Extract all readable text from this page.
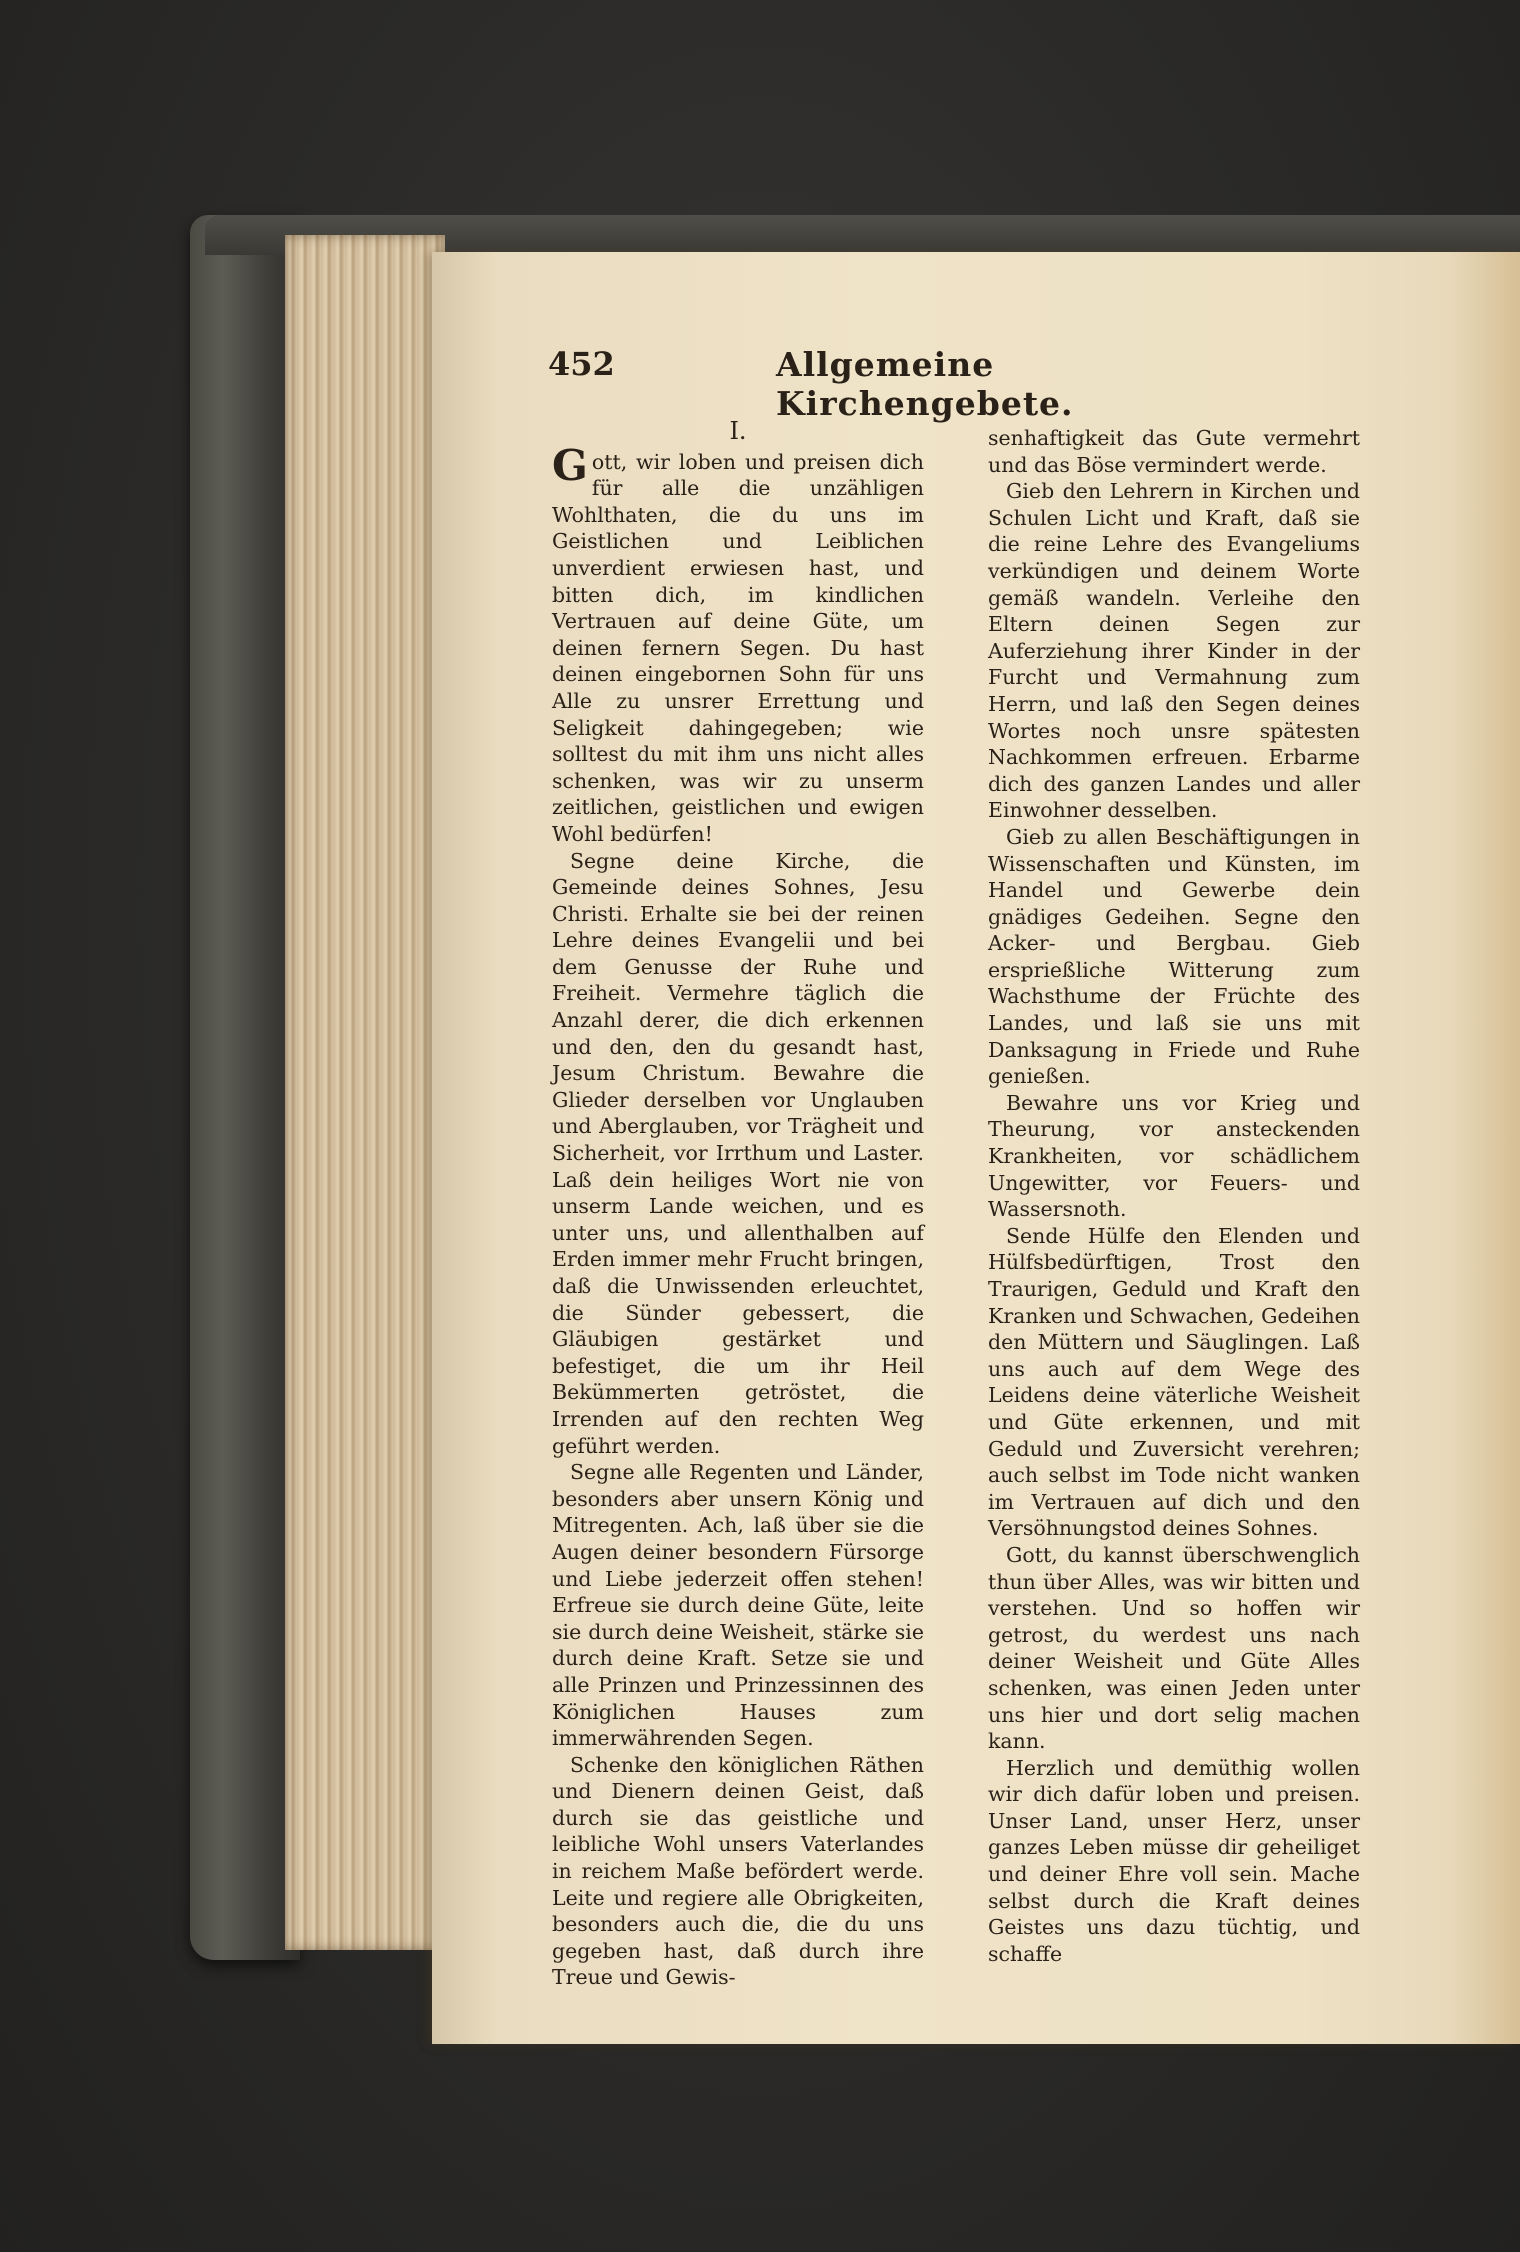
452	Allgemeine Kirchengebete.
I.

Gott, wir loben und preisen dich für alle die unzähligen Wohlthaten, die du uns im Geistlichen und Leiblichen unverdient erwiesen hast, und bitten dich, im kindlichen Vertrauen auf deine Güte, um deinen fernern Segen. Du hast deinen eingebornen Sohn für uns Alle zu unsrer Errettung und Seligkeit dahingegeben; wie solltest du mit ihm uns nicht alles schenken, was wir zu unserm zeitlichen, geistlichen und ewigen Wohl bedürfen!

Segne deine Kirche, die Gemeinde deines Sohnes, Jesu Christi. Erhalte sie bei der reinen Lehre deines Evangelii und bei dem Genusse der Ruhe und Freiheit. Vermehre täglich die Anzahl derer, die dich erkennen und den, den du gesandt hast, Jesum Christum. Bewahre die Glieder derselben vor Unglauben und Aberglauben, vor Trägheit und Sicherheit, vor Irrthum und Laster. Laß dein heiliges Wort nie von unserm Lande weichen, und es unter uns, und allenthalben auf Erden immer mehr Frucht bringen, daß die Unwissenden erleuchtet, die Sünder gebessert, die Gläubigen gestärket und befestiget, die um ihr Heil Bekümmerten getröstet, die Irrenden auf den rechten Weg geführt werden.

Segne alle Regenten und Länder, besonders aber unsern König und Mitregenten. Ach, laß über sie die Augen deiner besondern Fürsorge und Liebe jederzeit offen stehen! Erfreue sie durch deine Güte, leite sie durch deine Weisheit, stärke sie durch deine Kraft. Setze sie und alle Prinzen und Prinzessinnen des Königlichen Hauses zum immerwährenden Segen.

Schenke den königlichen Räthen und Dienern deinen Geist, daß durch sie das geistliche und leibliche Wohl unsers Vaterlandes in reichem Maße befördert werde. Leite und regiere alle Obrigkeiten, besonders auch die, die du uns gegeben hast, daß durch ihre Treue und Gewis-

senhaftigkeit das Gute vermehrt und das Böse vermindert werde.

Gieb den Lehrern in Kirchen und Schulen Licht und Kraft, daß sie die reine Lehre des Evangeliums verkündigen und deinem Worte gemäß wandeln. Verleihe den Eltern deinen Segen zur Auferziehung ihrer Kinder in der Furcht und Vermahnung zum Herrn, und laß den Segen deines Wortes noch unsre spätesten Nachkommen erfreuen. Erbarme dich des ganzen Landes und aller Einwohner desselben.

Gieb zu allen Beschäftigungen in Wissenschaften und Künsten, im Handel und Gewerbe dein gnädiges Gedeihen. Segne den Acker- und Bergbau. Gieb ersprießliche Witterung zum Wachsthume der Früchte des Landes, und laß sie uns mit Danksagung in Friede und Ruhe genießen.

Bewahre uns vor Krieg und Theurung, vor ansteckenden Krankheiten, vor schädlichem Ungewitter, vor Feuers- und Wassersnoth.

Sende Hülfe den Elenden und Hülfsbedürftigen, Trost den Traurigen, Geduld und Kraft den Kranken und Schwachen, Gedeihen den Müttern und Säuglingen. Laß uns auch auf dem Wege des Leidens deine väterliche Weisheit und Güte erkennen, und mit Geduld und Zuversicht verehren; auch selbst im Tode nicht wanken im Vertrauen auf dich und den Versöhnungstod deines Sohnes.

Gott, du kannst überschwenglich thun über Alles, was wir bitten und verstehen. Und so hoffen wir getrost, du werdest uns nach deiner Weisheit und Güte Alles schenken, was einen Jeden unter uns hier und dort selig machen kann.

Herzlich und demüthig wollen wir dich dafür loben und preisen. Unser Land, unser Herz, unser ganzes Leben müsse dir geheiliget und deiner Ehre voll sein. Mache selbst durch die Kraft deines Geistes uns dazu tüchtig, und schaffe
